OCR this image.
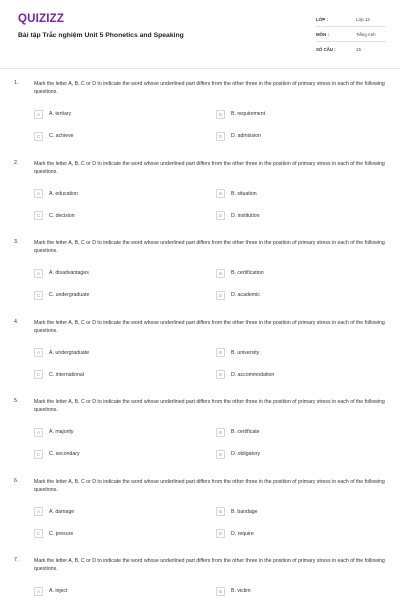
QUIZIZZ
Bài tập Trắc nghiệm Unit 5 Phonetics and Speaking
LỚP :	Lớp 12
MÔN :	Tiếng Anh
SỐ CÂU :	15
1.	Mark the letter A, B, C or D to indicate the word whose underlined part differs from the other three in the position of primary stress in each of the following questions.

A	A. tertiary	B	B. requirement
C	C. achieve	D	D. admission
2.	Mark the letter A, B, C or D to indicate the word whose underlined part differs from the other three in the position of primary stress in each of the following questions.

A	A. education	B	B. situation
C	C. decision	D	D. institution
3.	Mark the letter A, B, C or D to indicate the word whose underlined part differs from the other three in the position of primary stress in each of the following questions.

A	A. disadvantages	B	B. certification
C	C. undergraduate	D	D. academic
4.	Mark the letter A, B, C or D to indicate the word whose underlined part differs from the other three in the position of primary stress in each of the following questions.

A	A. undergraduate	B	B. university
C	C. international	D	D. accommodation
5.	Mark the letter A, B, C or D to indicate the word whose underlined part differs from the other three in the position of primary stress in each of the following questions.

A	A. majority	B	B. certificate
C	C. secondary	D	D. obligatory
6.	Mark the letter A, B, C or D to indicate the word whose underlined part differs from the other three in the position of primary stress in each of the following questions.

A	A. damage	B	B. bandage
C	C. presure	D	D. require
7.	Mark the letter A, B, C or D to indicate the word whose underlined part differs from the other three in the position of primary stress in each of the following questions.

A	A. inject	B	B. victim
